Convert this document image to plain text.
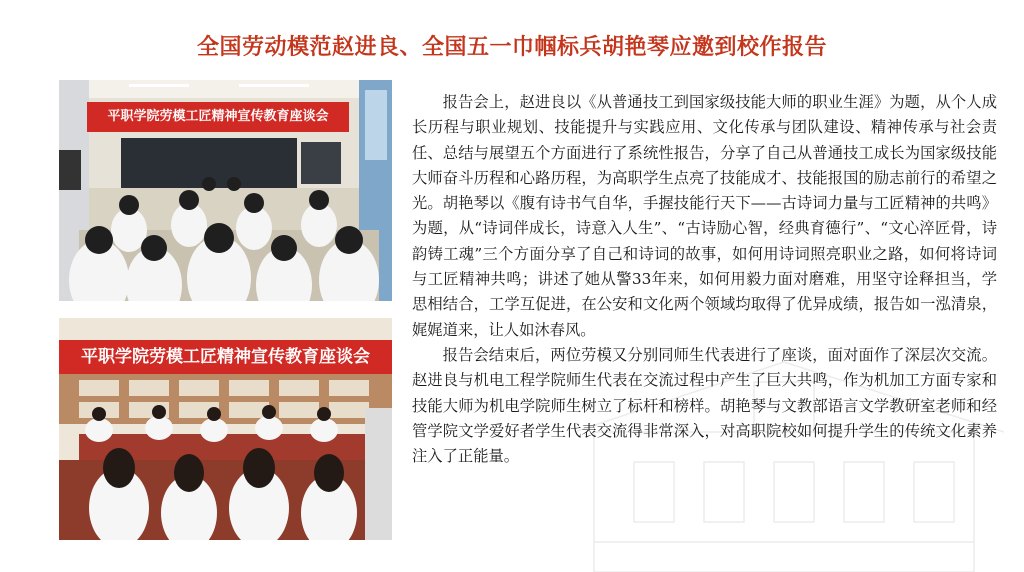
全国劳动模范赵进良、全国五一巾帼标兵胡艳琴应邀到校作报告
平职学院劳模工匠精神宣传教育座谈会
平职学院劳模工匠精神宣传教育座谈会

报告会上，赵进良以《从普通技工到国家级技能大师的职业生涯》为题，从个人成长历程与职业规划、技能提升与实践应用、文化传承与团队建设、精神传承与社会责任、总结与展望五个方面进行了系统性报告，分享了自己从普通技工成长为国家级技能大师奋斗历程和心路历程，为高职学生点亮了技能成才、技能报国的励志前行的希望之光。胡艳琴以《腹有诗书气自华，手握技能行天下——古诗词力量与工匠精神的共鸣》为题，从“诗词伴成长，诗意入人生”、“古诗励心智，经典育德行”、“文心淬匠骨，诗韵铸工魂”三个方面分享了自己和诗词的故事，如何用诗词照亮职业之路，如何将诗词与工匠精神共鸣；讲述了她从警33年来，如何用毅力面对磨难，用坚守诠释担当，学思相结合，工学互促进，在公安和文化两个领域均取得了优异成绩，报告如一泓清泉，娓娓道来，让人如沐春风。

报告会结束后，两位劳模又分别同师生代表进行了座谈，面对面作了深层次交流。赵进良与机电工程学院师生代表在交流过程中产生了巨大共鸣，作为机加工方面专家和技能大师为机电学院师生树立了标杆和榜样。胡艳琴与文教部语言文学教研室老师和经管学院文学爱好者学生代表交流得非常深入，对高职院校如何提升学生的传统文化素养注入了正能量。
